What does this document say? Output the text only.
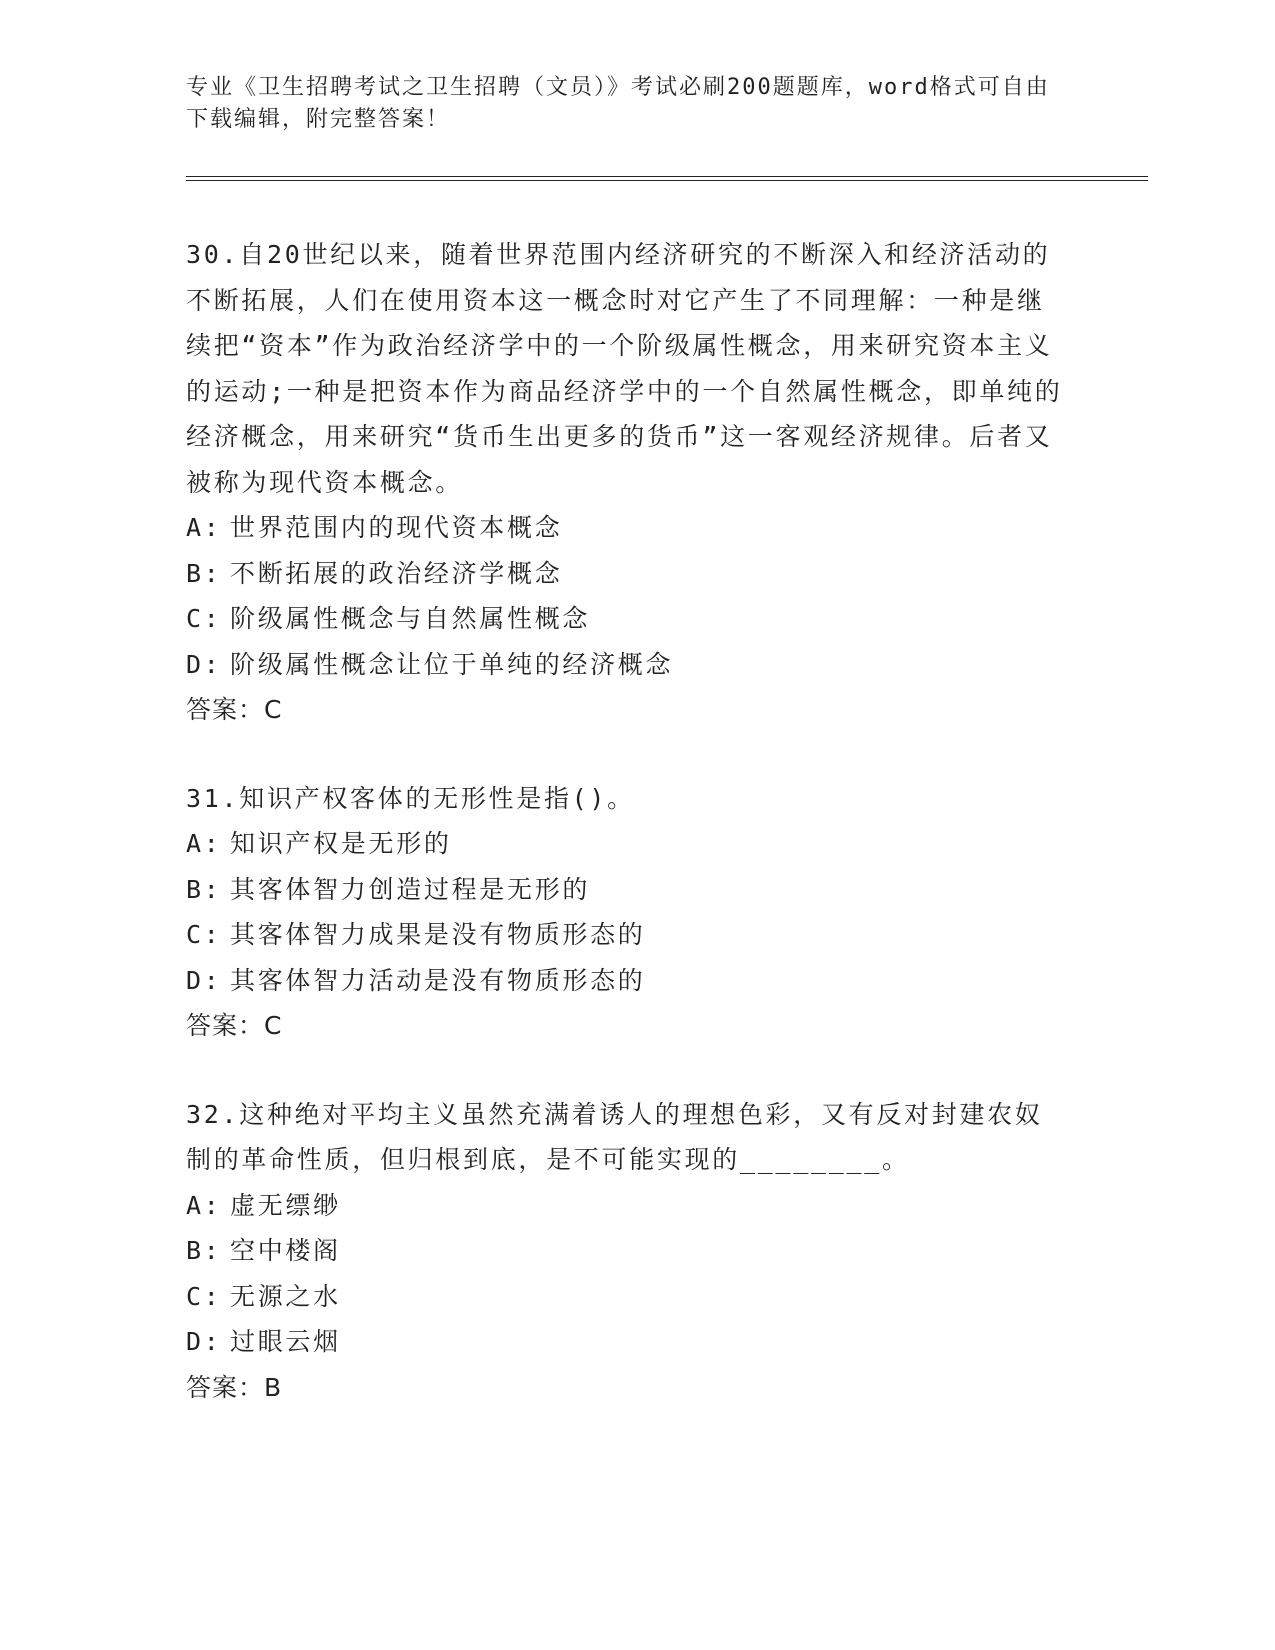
专业《卫生招聘考试之卫生招聘（文员）》考试必刷200题题库，word格式可自由下载编辑，附完整答案！
30.自20世纪以来，随着世界范围内经济研究的不断深入和经济活动的不断拓展，人们在使用资本这一概念时对它产生了不同理解：一种是继续把“资本”作为政治经济学中的一个阶级属性概念，用来研究资本主义的运动;一种是把资本作为商品经济学中的一个自然属性概念，即单纯的经济概念，用来研究“货币生出更多的货币”这一客观经济规律。后者又被称为现代资本概念。
A: 世界范围内的现代资本概念
B: 不断拓展的政治经济学概念
C: 阶级属性概念与自然属性概念
D: 阶级属性概念让位于单纯的经济概念
答案：C
31.知识产权客体的无形性是指()。
A: 知识产权是无形的
B: 其客体智力创造过程是无形的
C: 其客体智力成果是没有物质形态的
D: 其客体智力活动是没有物质形态的
答案：C
32.这种绝对平均主义虽然充满着诱人的理想色彩，又有反对封建农奴制的革命性质，但归根到底，是不可能实现的________。
A: 虚无缥缈
B: 空中楼阁
C: 无源之水
D: 过眼云烟
答案：B
